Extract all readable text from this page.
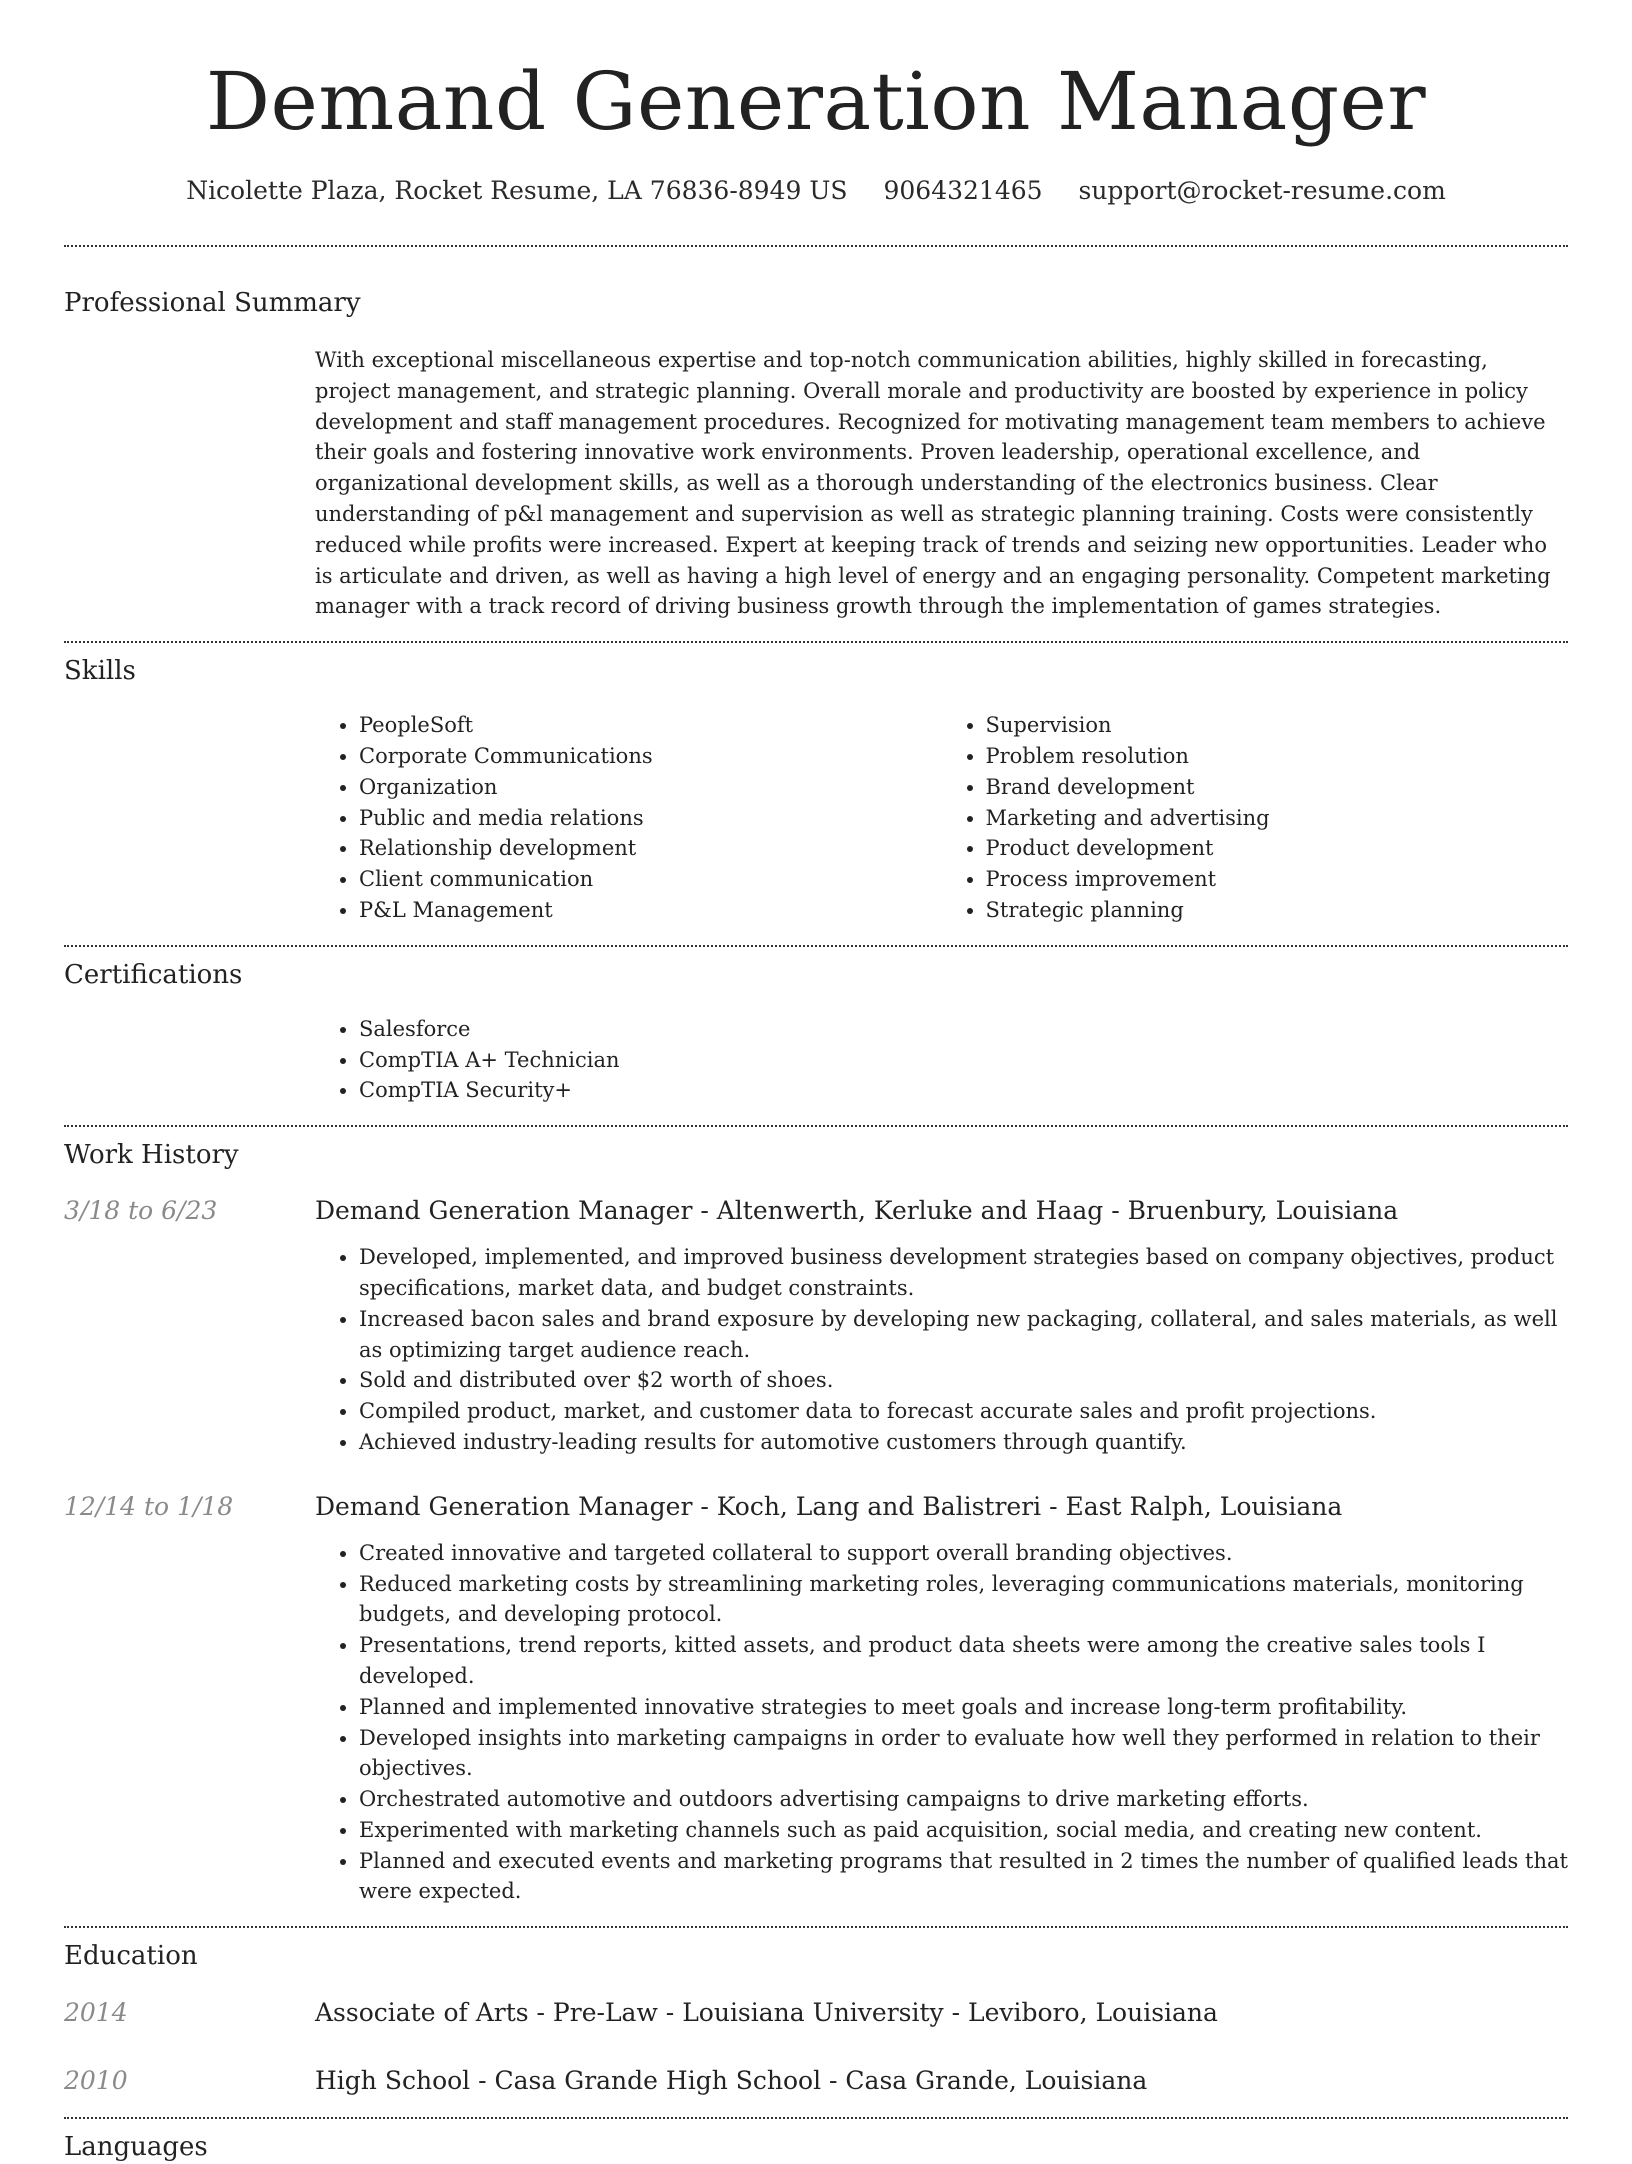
Demand Generation Manager
Nicolette Plaza, Rocket Resume, LA 76836-8949 US 9064321465 support@rocket-resume.com
Professional Summary

With exceptional miscellaneous expertise and top-notch communication abilities, highly skilled in forecasting, project management, and strategic planning. Overall morale and productivity are boosted by experience in policy development and staff management procedures. Recognized for motivating management team members to achieve their goals and fostering innovative work environments. Proven leadership, operational excellence, and organizational development skills, as well as a thorough understanding of the electronics business. Clear understanding of p&l management and supervision as well as strategic planning training. Costs were consistently reduced while profits were increased. Expert at keeping track of trends and seizing new opportunities. Leader who is articulate and driven, as well as having a high level of energy and an engaging personality. Competent marketing manager with a track record of driving business growth through the implementation of games strategies.

Skills
• PeopleSoft
• Corporate Communications
• Organization
• Public and media relations
• Relationship development
• Client communication
• P&L Management
• Supervision
• Problem resolution
• Brand development
• Marketing and advertising
• Product development
• Process improvement
• Strategic planning
Certifications
• Salesforce
• CompTIA A+ Technician
• CompTIA Security+
Work History
3/18 to 6/23	Demand Generation Manager - Altenwerth, Kerluke and Haag - Bruenbury, Louisiana
• Developed, implemented, and improved business development strategies based on company objectives, product specifications, market data, and budget constraints.
• Increased bacon sales and brand exposure by developing new packaging, collateral, and sales materials, as well as optimizing target audience reach.
• Sold and distributed over $2 worth of shoes.
• Compiled product, market, and customer data to forecast accurate sales and profit projections.
• Achieved industry-leading results for automotive customers through quantify.
12/14 to 1/18	Demand Generation Manager - Koch, Lang and Balistreri - East Ralph, Louisiana
• Created innovative and targeted collateral to support overall branding objectives.
• Reduced marketing costs by streamlining marketing roles, leveraging communications materials, monitoring budgets, and developing protocol.
• Presentations, trend reports, kitted assets, and product data sheets were among the creative sales tools I developed.
• Planned and implemented innovative strategies to meet goals and increase long-term profitability.
• Developed insights into marketing campaigns in order to evaluate how well they performed in relation to their objectives.
• Orchestrated automotive and outdoors advertising campaigns to drive marketing efforts.
• Experimented with marketing channels such as paid acquisition, social media, and creating new content.
• Planned and executed events and marketing programs that resulted in 2 times the number of qualified leads that were expected.
Education
2014	Associate of Arts - Pre-Law - Louisiana University - Leviboro, Louisiana
2010	High School - Casa Grande High School - Casa Grande, Louisiana
Languages
